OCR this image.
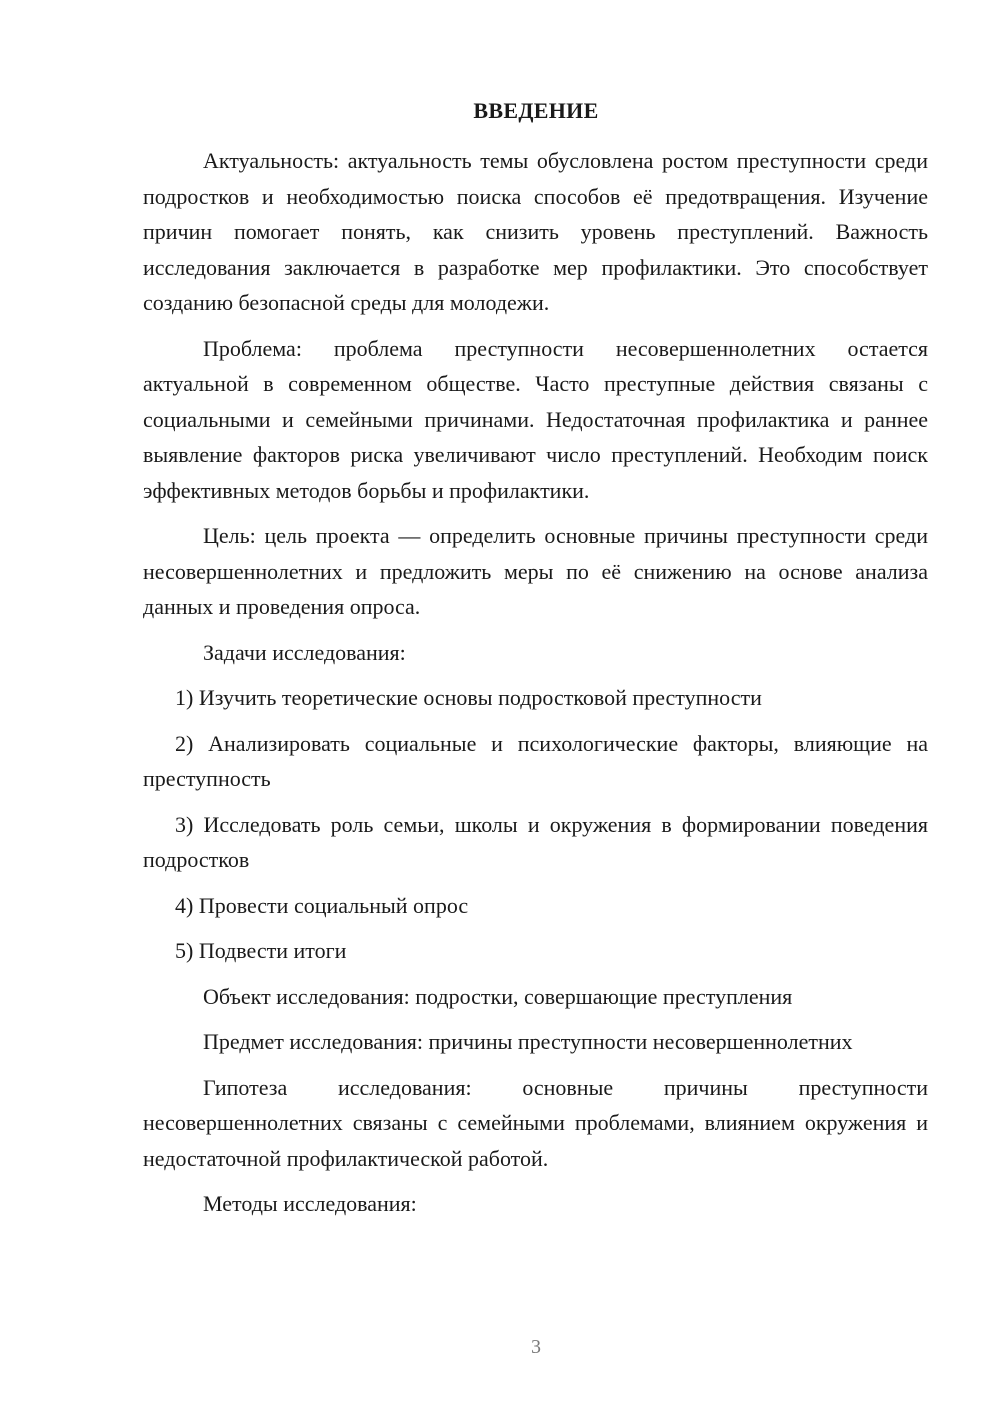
ВВЕДЕНИЕ

Актуальность: актуальность темы обусловлена ростом преступности среди подростков и необходимостью поиска способов её предотвращения. Изучение причин помогает понять, как снизить уровень преступлений. Важность исследования заключается в разработке мер профилактики. Это способствует созданию безопасной среды для молодежи.

Проблема: проблема преступности несовершеннолетних остается актуальной в современном обществе. Часто преступные действия связаны с социальными и семейными причинами. Недостаточная профилактика и раннее выявление факторов риска увеличивают число преступлений. Необходим поиск эффективных методов борьбы и профилактики.

Цель: цель проекта — определить основные причины преступности среди несовершеннолетних и предложить меры по её снижению на основе анализа данных и проведения опроса.

Задачи исследования:

1) Изучить теоретические основы подростковой преступности

2) Анализировать социальные и психологические факторы, влияющие на преступность

3) Исследовать роль семьи, школы и окружения в формировании поведения подростков

4) Провести социальный опрос

5) Подвести итоги

Объект исследования: подростки, совершающие преступления

Предмет исследования: причины преступности несовершеннолетних

Гипотеза исследования: основные причины преступности несовершеннолетних связаны с семейными проблемами, влиянием окружения и недостаточной профилактической работой.

Методы исследования:

3
